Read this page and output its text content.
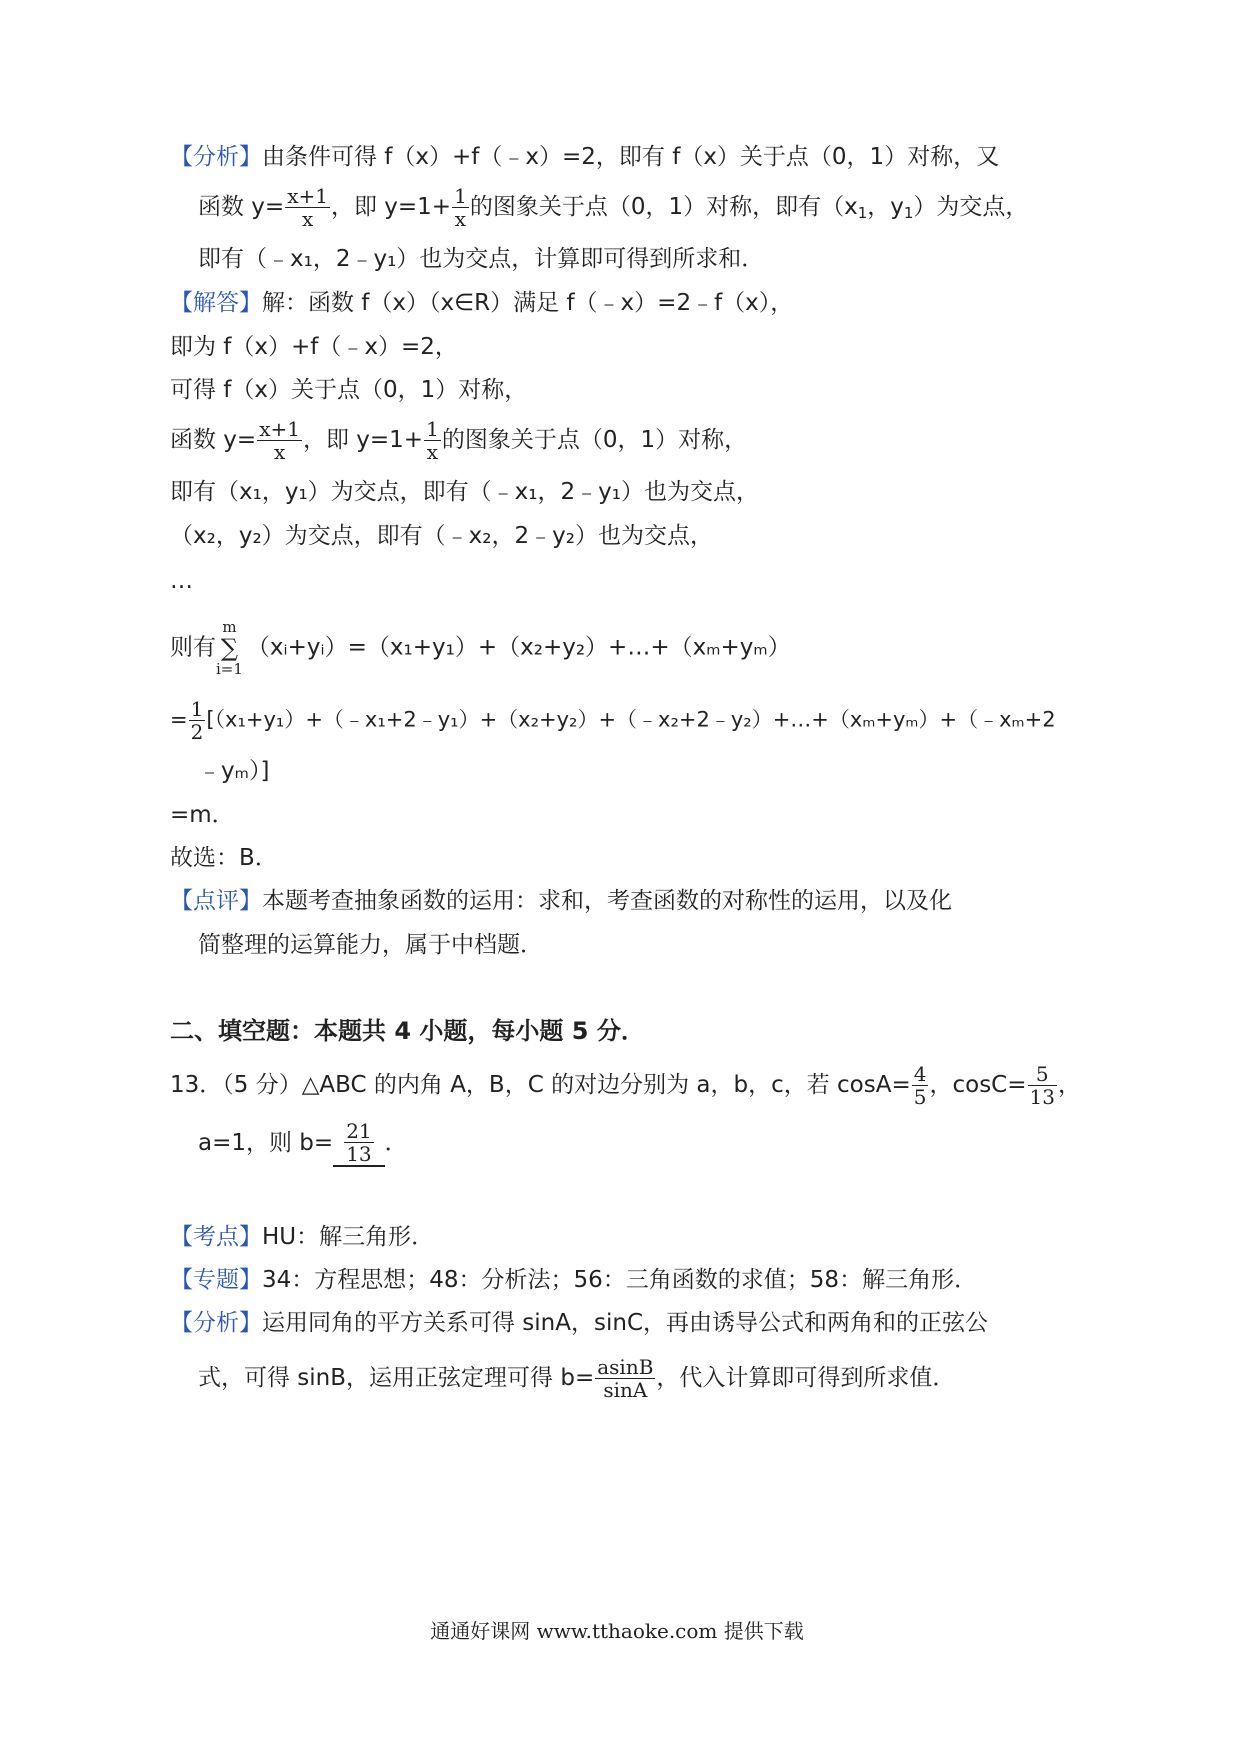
【分析】由条件可得 f（x）+f（﹣x）=2，即有 f（x）关于点（0，1）对称，又
函数 $y= \frac{x+1}{x}$ ，即 $y=1+ \frac{1}{x}$ 的图象关于点（0，1）对称，即有（$x_1$，$y_1$）为交点，
即有（﹣x₁，2﹣y₁）也为交点，计算即可得到所求和．
【解答】解：函数 f（x）（x∈R）满足 f（﹣x）=2﹣f（x），
即为 f（x）+f（﹣x）=2，
可得 f（x）关于点（0，1）对称，
函数 $y= \frac{x+1}{x}$ ，即 $y=1+ \frac{1}{x}$ 的图象关于点（0，1）对称，
即有（x₁，y₁）为交点，即有（﹣x₁，2﹣y₁）也为交点，
（x₂，y₂）为交点，即有（﹣x₂，2﹣y₂）也为交点，
…
则有
m
∑
i=1
（xᵢ+yᵢ）=（x₁+y₁）+（x₂+y₂）+…+（xₘ+yₘ）
= $\frac{1}{2}$ [（x₁+y₁）+（﹣x₁+2﹣y₁）+（x₂+y₂）+（﹣x₂+2﹣y₂）+…+（xₘ+yₘ）+（﹣xₘ+2
﹣yₘ）]
=m．
故选：B．
【点评】本题考查抽象函数的运用：求和，考查函数的对称性的运用，以及化
简整理的运算能力，属于中档题．
二、填空题：本题共 4 小题，每小题 5 分．
13．（5 分）△ABC 的内角 A，B，C 的对边分别为 a，b，c，若 $\cos A= \frac{4}{5}$ ，$\cos C= \frac{5}{13}$ ，
a=1，则 $b= \frac{21}{13}$ ．
【考点】HU：解三角形．
【专题】34：方程思想；48：分析法；56：三角函数的求值；58：解三角形．
【分析】运用同角的平方关系可得 sinA，sinC，再由诱导公式和两角和的正弦公
式，可得 sinB，运用正弦定理可得 $b= \frac{asinB}{\sin A}$ ，代入计算即可得到所求值．
通通好课网 www.tthaoke.com 提供下载
